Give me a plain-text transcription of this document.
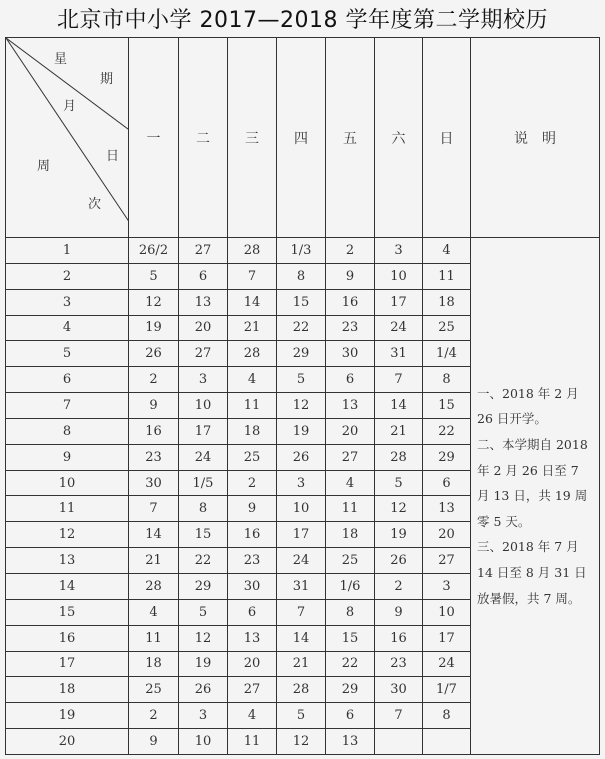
北京市中小学 2017—2018 学年度第二学期校历
星
期
月
日
周
次
	一	二	三	四	五	六	日	说　明
1	26/2	27	28	1/3	2	3	4	一、2018 年 2 月 26 日开学。

二、本学期自 2018 年 2 月 26 日至 7 月 13 日，共 19 周零 5 天。

三、2018 年 7 月 14 日至 8 月 31 日放暑假，共 7 周。

2	5	6	7	8	9	10	11	
3	12	13	14	15	16	17	18	
4	19	20	21	22	23	24	25	
5	26	27	28	29	30	31	1/4	
6	2	3	4	5	6	7	8	
7	9	10	11	12	13	14	15	
8	16	17	18	19	20	21	22	
9	23	24	25	26	27	28	29	
10	30	1/5	2	3	4	5	6	
11	7	8	9	10	11	12	13	
12	14	15	16	17	18	19	20	
13	21	22	23	24	25	26	27	
14	28	29	30	31	1/6	2	3	
15	4	5	6	7	8	9	10	
16	11	12	13	14	15	16	17	
17	18	19	20	21	22	23	24	
18	25	26	27	28	29	30	1/7	
19	2	3	4	5	6	7	8	
20	9	10	11	12	13			
